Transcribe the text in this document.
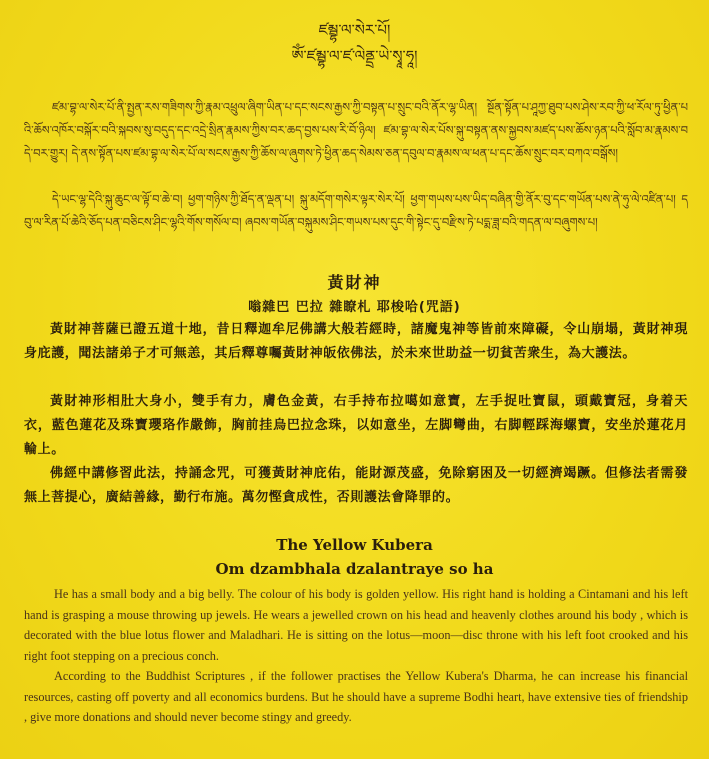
ཛམྦྷ་ལ་སེར་པོ།
ཨོཾ་ཛམྦྷ་ལ་ཛ་ལེནྡྲ་ཡེ་སྭཱ་ཧཱ།
ཛམ་བྷ་ལ་སེར་པོ་ནི་སྤྱན་རས་གཟིགས་ཀྱི་རྣམ་འཕྲུལ་ཞིག་ཡིན་པ་དང་སངས་རྒྱས་ཀྱི་བསྟན་པ་སྲུང་བའི་ནོར་ལྷ་ཡིན། སྔོན་སྟོན་པ་ཤཱཀྱ་ཐུབ་པས་ཤེས་རབ་ཀྱི་ཕ་རོལ་ཏུ་ཕྱིན་པའི་ཆོས་འཁོར་བསྐོར་བའི་སྐབས་སུ་བདུད་དང་འདྲེ་སྲིན་རྣམས་ཀྱིས་བར་ཆད་བྱས་པས་རི་བོ་ཉིལ། ཛམ་བྷ་ལ་སེར་པོས་སྐུ་བསྟན་ནས་སྐྱབས་མཛད་པས་ཆོས་ཉན་པའི་སློབ་མ་རྣམས་བདེ་བར་གྱུར། དེ་ནས་སྟོན་པས་ཛམ་བྷ་ལ་སེར་པོ་ལ་སངས་རྒྱས་ཀྱི་ཆོས་ལ་ཞུགས་ཏེ་ཕྱིན་ཆད་སེམས་ཅན་དབུལ་བ་རྣམས་ལ་ཕན་པ་དང་ཆོས་སྲུང་བར་བཀའ་བསྒོས།
དེ་ཡང་ལྷ་དེའི་སྐུ་ཆུང་ལ་ལྟོ་བ་ཆེ་བ། ཕྱག་གཉིས་ཀྱི་ཐོད་ན་ལྡན་པ། སྐུ་མདོག་གསེར་ལྟར་སེར་པོ། ཕྱག་གཡས་པས་ཡིད་བཞིན་གྱི་ནོར་བུ་དང་གཡོན་པས་ནེ་ཧུ་ལེ་འཛིན་པ། དབུ་ལ་རིན་པོ་ཆེའི་ཅོད་པན་བཅིངས་ཤིང་ལྷའི་གོས་གསོལ་བ། ཞབས་གཡོན་བསྐུམས་ཤིང་གཡས་པས་དུང་གི་སྟེང་དུ་བརྫིས་ཏེ་པདྨ་ཟླ་བའི་གདན་ལ་བཞུགས་པ།
黃財神
嗡雜巴 巴拉 雜瞭札 耶梭哈(咒語)
黃財神菩薩已證五道十地，昔日釋迦牟尼佛講大般若經時，諸魔鬼神等皆前來障礙，令山崩塌，黃財神現身庇護，聞法諸弟子才可無恙，其后釋尊囑黃財神皈依佛法，於未來世助益一切貧苦衆生，為大護法。
黃財神形相肚大身小，雙手有力，膚色金黃，右手持布拉噶如意寶，左手捉吐寶鼠，頭戴寶冠，身着天衣，藍色蓮花及珠寶瓔珞作嚴飾，胸前挂烏巴拉念珠，以如意坐，左脚彎曲，右脚輕踩海螺寶，安坐於蓮花月輪上。
佛經中講修習此法，持誦念咒，可獲黃財神庇佑，能財源茂盛，免除窮困及一切經濟竭蹶。但修法者需發無上菩提心，廣結善緣，勤行布施。萬勿慳貪成性，否則護法會降罪的。
The Yellow Kubera
Om dzambhala dzalantraye so ha
He has a small body and a big belly. The colour of his body is golden yellow. His right hand is holding a Cintamani and his left hand is grasping a mouse throwing up jewels. He wears a jewelled crown on his head and heavenly clothes around his body , which is decorated with the blue lotus flower and Maladhari. He is sitting on the lotus—moon—disc throne with his left foot crooked and his right foot stepping on a precious conch.
According to the Buddhist Scriptures , if the follower practises the Yellow Kubera's Dharma, he can increase his financial resources, casting off poverty and all economics burdens. But he should have a supreme Bodhi heart, have extensive ties of friendship , give more donations and should never become stingy and greedy.
